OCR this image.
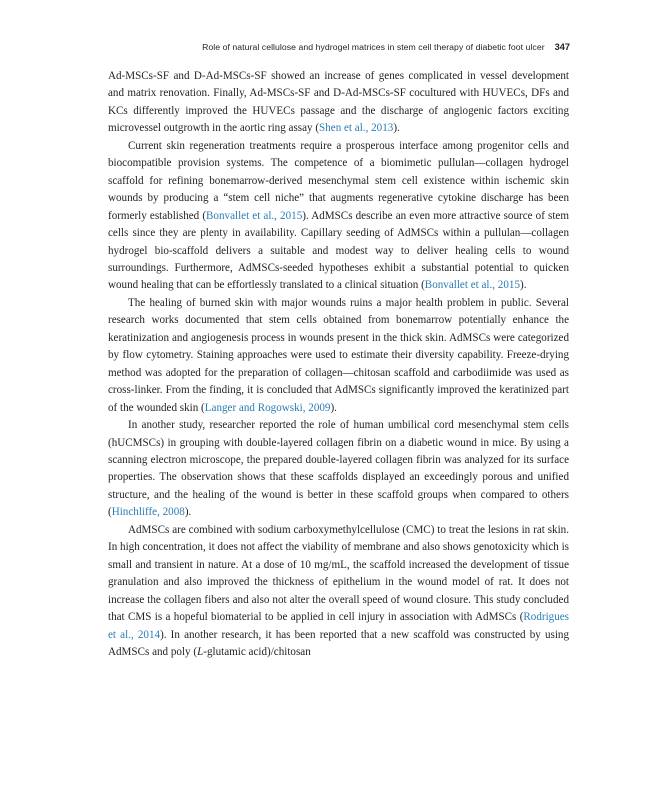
Role of natural cellulose and hydrogel matrices in stem cell therapy of diabetic foot ulcer 347

Ad-MSCs-SF and D-Ad-MSCs-SF showed an increase of genes complicated in vessel development and matrix renovation. Finally, Ad-MSCs-SF and D-Ad-MSCs-SF cocultured with HUVECs, DFs and KCs differently improved the HUVECs passage and the discharge of angiogenic factors exciting microvessel outgrowth in the aortic ring assay (Shen et al., 2013).

Current skin regeneration treatments require a prosperous interface among progenitor cells and biocompatible provision systems. The competence of a biomimetic pullulan—collagen hydrogel scaffold for refining bonemarrow-derived mesenchymal stem cell existence within ischemic skin wounds by producing a “stem cell niche” that augments regenerative cytokine discharge has been formerly established (Bonvallet et al., 2015). AdMSCs describe an even more attractive source of stem cells since they are plenty in availability. Capillary seeding of AdMSCs within a pullulan—collagen hydrogel bio-scaffold delivers a suitable and modest way to deliver healing cells to wound surroundings. Furthermore, AdMSCs-seeded hypotheses exhibit a substantial potential to quicken wound healing that can be effortlessly translated to a clinical situation (Bonvallet et al., 2015).

The healing of burned skin with major wounds ruins a major health problem in public. Several research works documented that stem cells obtained from bonemarrow potentially enhance the keratinization and angiogenesis process in wounds present in the thick skin. AdMSCs were categorized by flow cytometry. Staining approaches were used to estimate their diversity capability. Freeze-drying method was adopted for the preparation of collagen—chitosan scaffold and carbodiimide was used as cross-linker. From the finding, it is concluded that AdMSCs significantly improved the keratinized part of the wounded skin (Langer and Rogowski, 2009).

In another study, researcher reported the role of human umbilical cord mesenchymal stem cells (hUCMSCs) in grouping with double-layered collagen fibrin on a diabetic wound in mice. By using a scanning electron microscope, the prepared double-layered collagen fibrin was analyzed for its surface properties. The observation shows that these scaffolds displayed an exceedingly porous and unified structure, and the healing of the wound is better in these scaffold groups when compared to others (Hinchliffe, 2008).

AdMSCs are combined with sodium carboxymethylcellulose (CMC) to treat the lesions in rat skin. In high concentration, it does not affect the viability of membrane and also shows genotoxicity which is small and transient in nature. At a dose of 10 mg/mL, the scaffold increased the development of tissue granulation and also improved the thickness of epithelium in the wound model of rat. It does not increase the collagen fibers and also not alter the overall speed of wound closure. This study concluded that CMS is a hopeful biomaterial to be applied in cell injury in association with AdMSCs (Rodrigues et al., 2014). In another research, it has been reported that a new scaffold was constructed by using AdMSCs and poly (L-glutamic acid)/chitosan
